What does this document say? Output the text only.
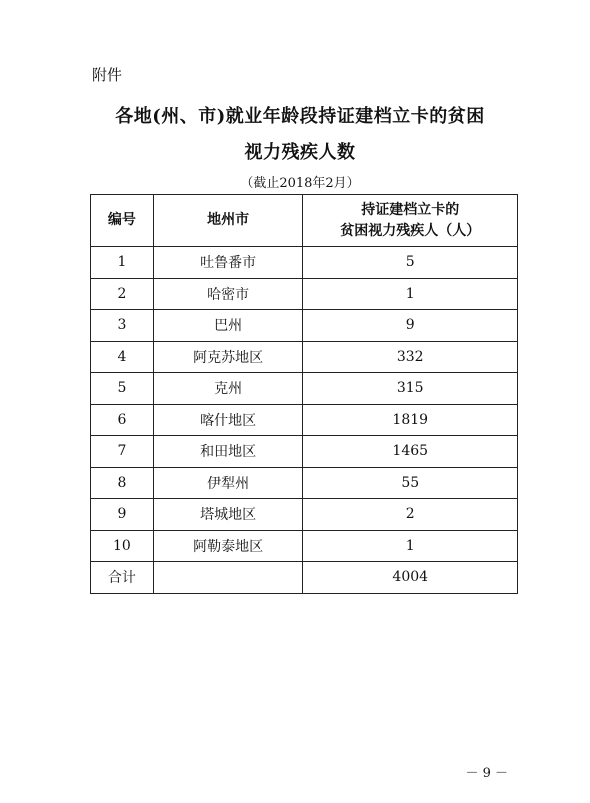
附件
各地(州、市)就业年龄段持证建档立卡的贫困
视力残疾人数
（截止2018年2月）
编号	地州市	持证建档立卡的
贫困视力残疾人（人）

1	吐鲁番市	5
2	哈密市	1
3	巴州	9
4	阿克苏地区	332
5	克州	315
6	喀什地区	1819
7	和田地区	1465
8	伊犁州	55
9	塔城地区	2
10	阿勒泰地区	1
合计		4004
－ 9 －
